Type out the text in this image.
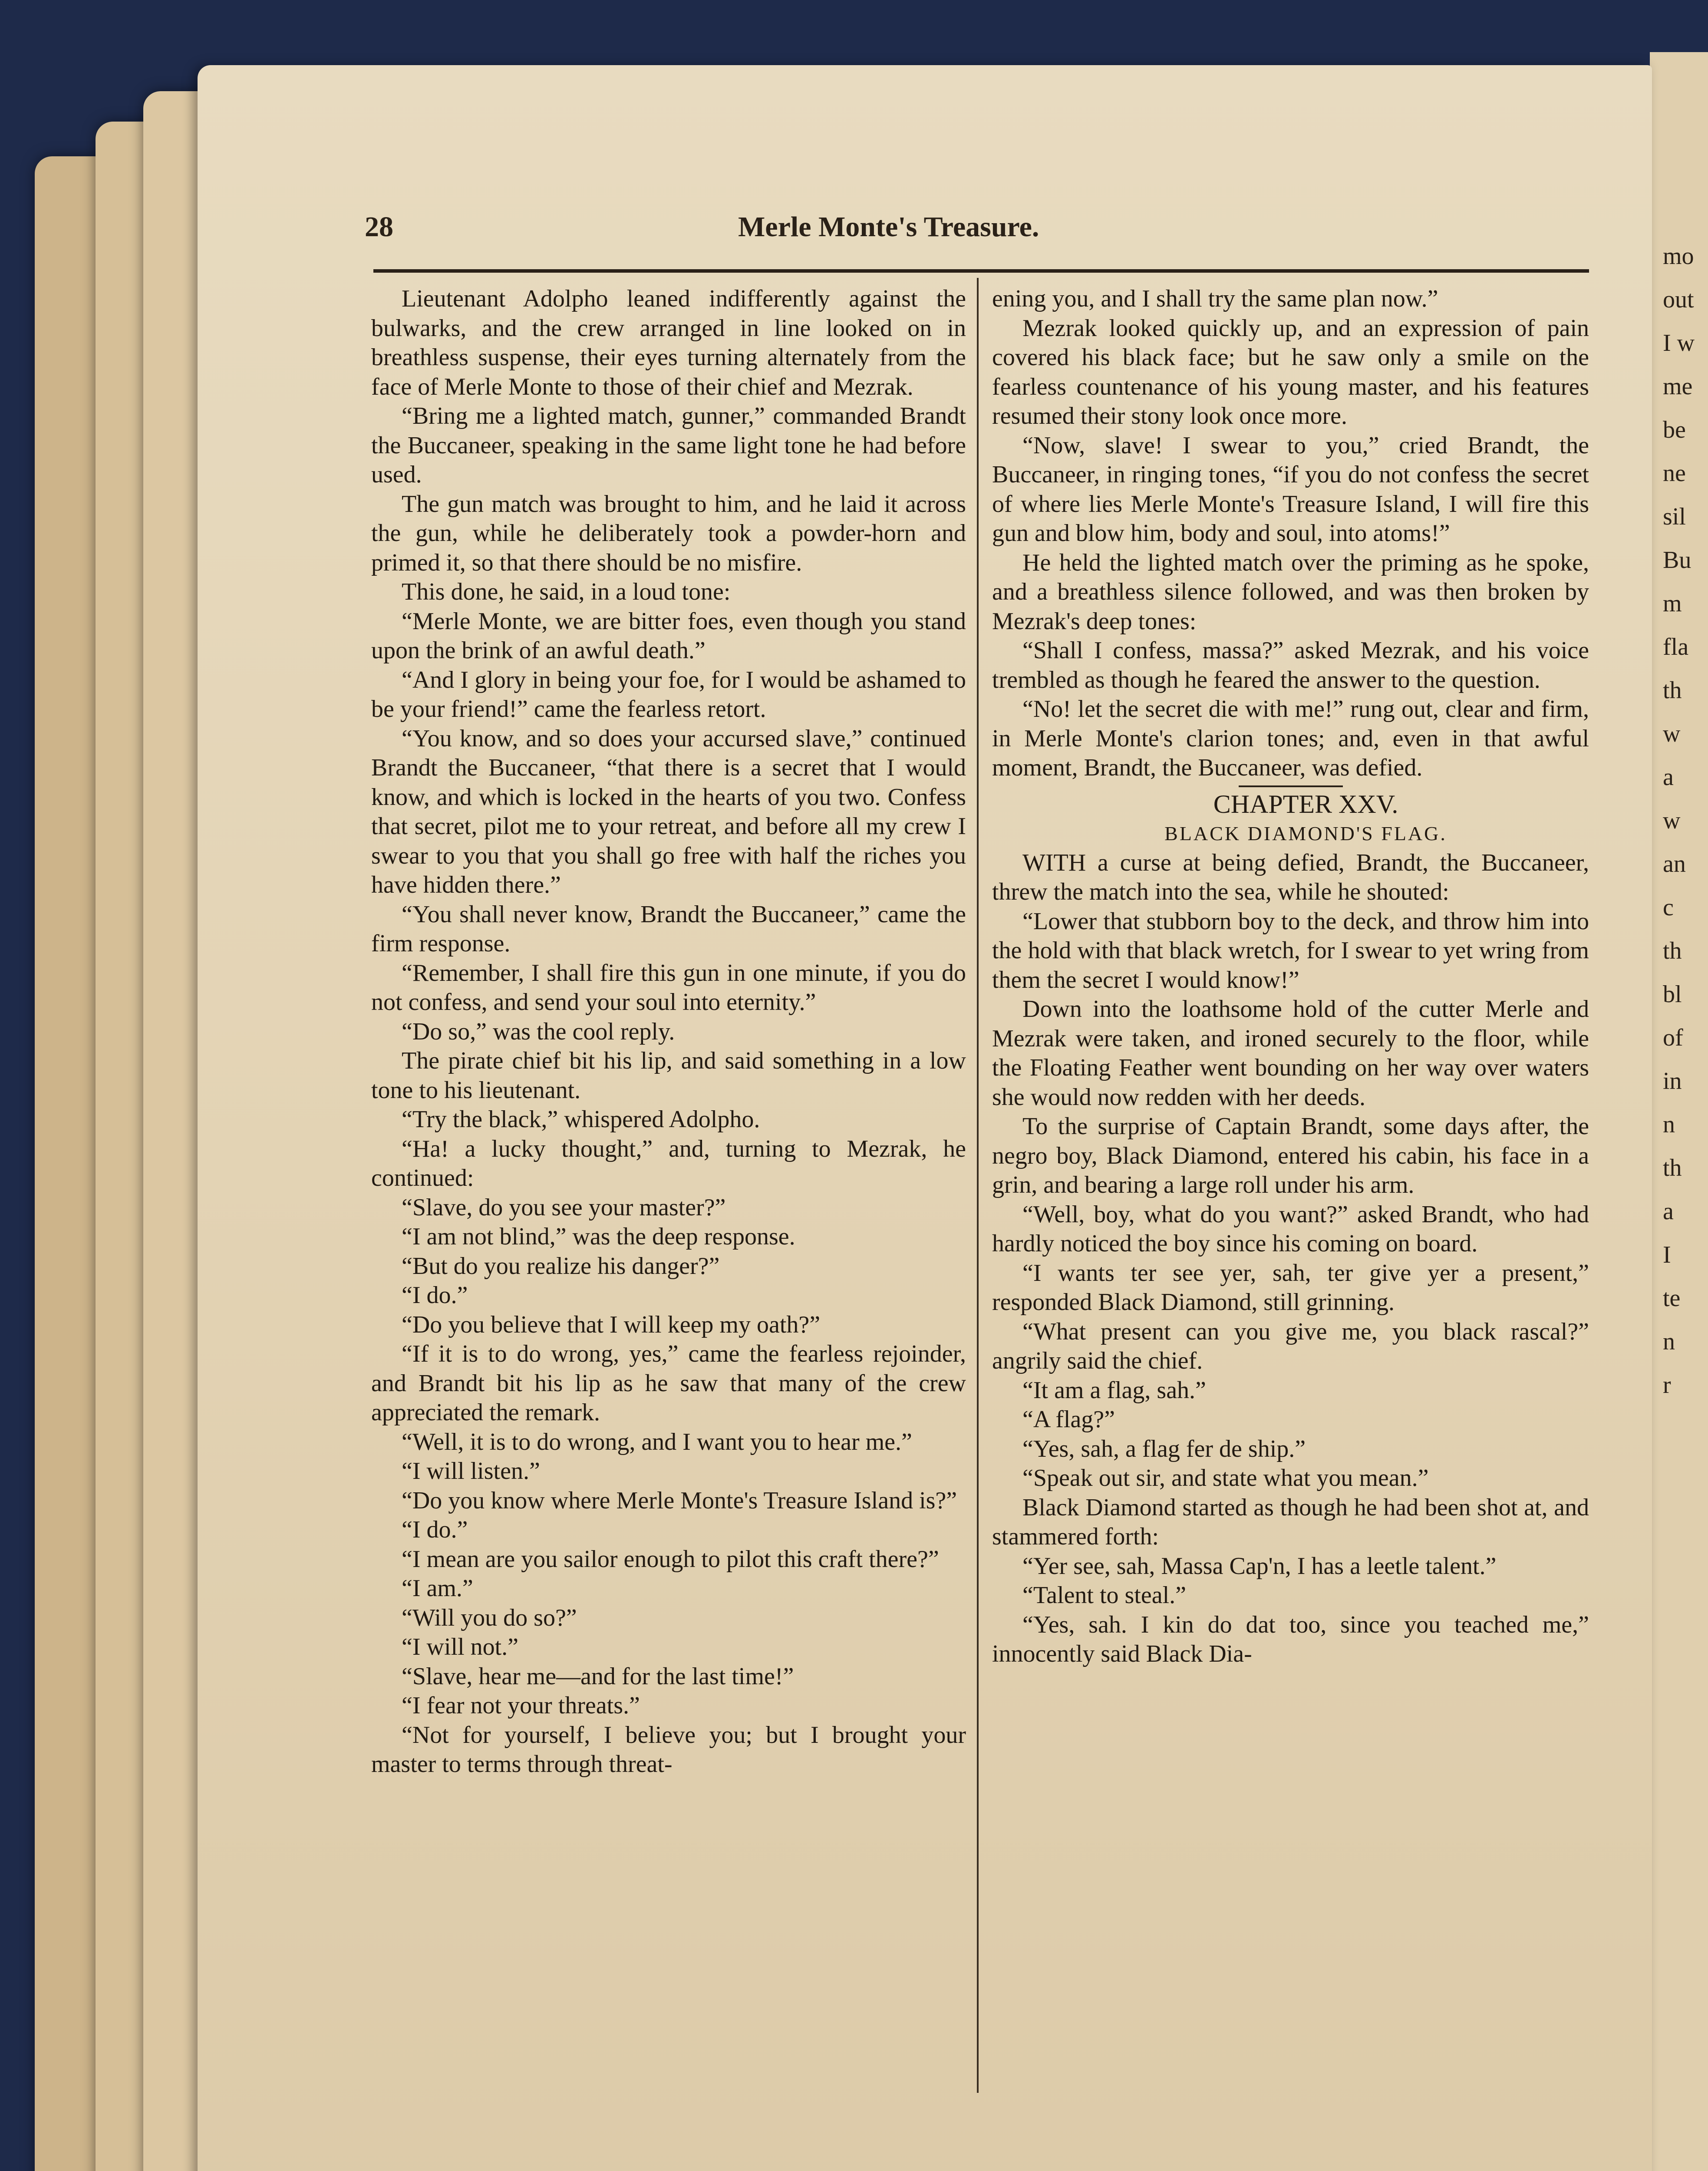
mo
out
I w
me
be
ne
sil
Bu
m
fla
th
w
a
w
an
c
th
bl
of
in
n
th
a
I
te
n
r
28	Merle Monte's Treasure.

Lieutenant Adolpho leaned indifferently against the bulwarks, and the crew arranged in line looked on in breathless suspense, their eyes turning alternately from the face of Merle Monte to those of their chief and Mezrak.

“Bring me a lighted match, gunner,” commanded Brandt the Buccaneer, speaking in the same light tone he had before used.

The gun match was brought to him, and he laid it across the gun, while he deliberately took a powder-horn and primed it, so that there should be no misfire.

This done, he said, in a loud tone:

“Merle Monte, we are bitter foes, even though you stand upon the brink of an awful death.”

“And I glory in being your foe, for I would be ashamed to be your friend!” came the fearless retort.

“You know, and so does your accursed slave,” continued Brandt the Buccaneer, “that there is a secret that I would know, and which is locked in the hearts of you two. Confess that secret, pilot me to your retreat, and before all my crew I swear to you that you shall go free with half the riches you have hidden there.”

“You shall never know, Brandt the Buccaneer,” came the firm response.

“Remember, I shall fire this gun in one minute, if you do not confess, and send your soul into eternity.”

“Do so,” was the cool reply.

The pirate chief bit his lip, and said something in a low tone to his lieutenant.

“Try the black,” whispered Adolpho.

“Ha! a lucky thought,” and, turning to Mezrak, he continued:

“Slave, do you see your master?”

“I am not blind,” was the deep response.

“But do you realize his danger?”

“I do.”

“Do you believe that I will keep my oath?”

“If it is to do wrong, yes,” came the fearless rejoinder, and Brandt bit his lip as he saw that many of the crew appreciated the remark.

“Well, it is to do wrong, and I want you to hear me.”

“I will listen.”

“Do you know where Merle Monte's Treasure Island is?”

“I do.”

“I mean are you sailor enough to pilot this craft there?”

“I am.”

“Will you do so?”

“I will not.”

“Slave, hear me—and for the last time!”

“I fear not your threats.”

“Not for yourself, I believe you; but I brought your master to terms through threat-

ening you, and I shall try the same plan now.”

Mezrak looked quickly up, and an expression of pain covered his black face; but he saw only a smile on the fearless countenance of his young master, and his features resumed their stony look once more.

“Now, slave! I swear to you,” cried Brandt, the Buccaneer, in ringing tones, “if you do not confess the secret of where lies Merle Monte's Treasure Island, I will fire this gun and blow him, body and soul, into atoms!”

He held the lighted match over the priming as he spoke, and a breathless silence followed, and was then broken by Mezrak's deep tones:

“Shall I confess, massa?” asked Mezrak, and his voice trembled as though he feared the answer to the question.

“No! let the secret die with me!” rung out, clear and firm, in Merle Monte's clarion tones; and, even in that awful moment, Brandt, the Buccaneer, was defied.

CHAPTER XXV.

BLACK DIAMOND'S FLAG.

WITH a curse at being defied, Brandt, the Buccaneer, threw the match into the sea, while he shouted:

“Lower that stubborn boy to the deck, and throw him into the hold with that black wretch, for I swear to yet wring from them the secret I would know!”

Down into the loathsome hold of the cutter Merle and Mezrak were taken, and ironed securely to the floor, while the Floating Feather went bounding on her way over waters she would now redden with her deeds.

To the surprise of Captain Brandt, some days after, the negro boy, Black Diamond, entered his cabin, his face in a grin, and bearing a large roll under his arm.

“Well, boy, what do you want?” asked Brandt, who had hardly noticed the boy since his coming on board.

“I wants ter see yer, sah, ter give yer a present,” responded Black Diamond, still grinning.

“What present can you give me, you black rascal?” angrily said the chief.

“It am a flag, sah.”

“A flag?”

“Yes, sah, a flag fer de ship.”

“Speak out sir, and state what you mean.”

Black Diamond started as though he had been shot at, and stammered forth:

“Yer see, sah, Massa Cap'n, I has a leetle talent.”

“Talent to steal.”

“Yes, sah. I kin do dat too, since you teached me,” innocently said Black Dia-
